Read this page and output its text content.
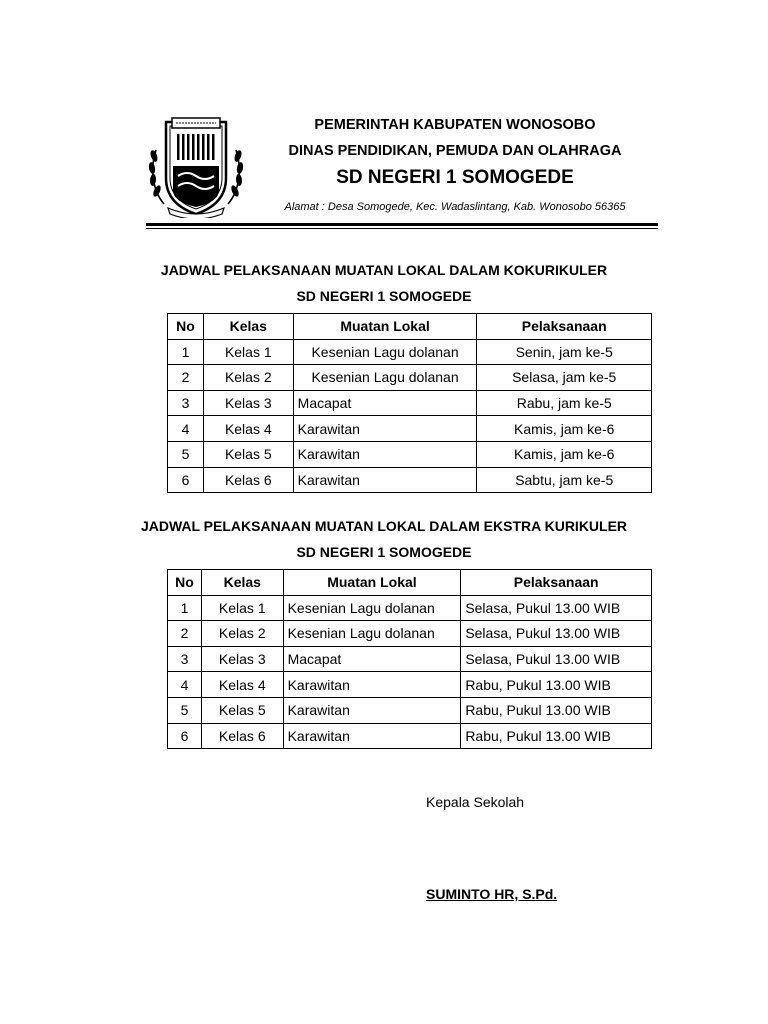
PEMERINTAH KABUPATEN WONOSOBO
DINAS PENDIDIKAN, PEMUDA DAN OLAHRAGA
SD NEGERI 1 SOMOGEDE
Alamat : Desa Somogede, Kec. Wadaslintang, Kab. Wonosobo 56365
JADWAL PELAKSANAAN MUATAN LOKAL DALAM KOKURIKULER
SD NEGERI 1 SOMOGEDE
No	Kelas	Muatan Lokal	Pelaksanaan
1	Kelas 1	Kesenian Lagu dolanan	Senin, jam ke-5
2	Kelas 2	Kesenian Lagu dolanan	Selasa, jam ke-5
3	Kelas 3	Macapat	Rabu, jam ke-5
4	Kelas 4	Karawitan	Kamis, jam ke-6
5	Kelas 5	Karawitan	Kamis, jam ke-6
6	Kelas 6	Karawitan	Sabtu, jam ke-5
JADWAL PELAKSANAAN MUATAN LOKAL DALAM EKSTRA KURIKULER
SD NEGERI 1 SOMOGEDE
No	Kelas	Muatan Lokal	Pelaksanaan
1	Kelas 1	Kesenian Lagu dolanan	Selasa, Pukul 13.00 WIB
2	Kelas 2	Kesenian Lagu dolanan	Selasa, Pukul 13.00 WIB
3	Kelas 3	Macapat	Selasa, Pukul 13.00 WIB
4	Kelas 4	Karawitan	Rabu, Pukul 13.00 WIB
5	Kelas 5	Karawitan	Rabu, Pukul 13.00 WIB
6	Kelas 6	Karawitan	Rabu, Pukul 13.00 WIB
Kepala Sekolah
SUMINTO HR, S.Pd.
